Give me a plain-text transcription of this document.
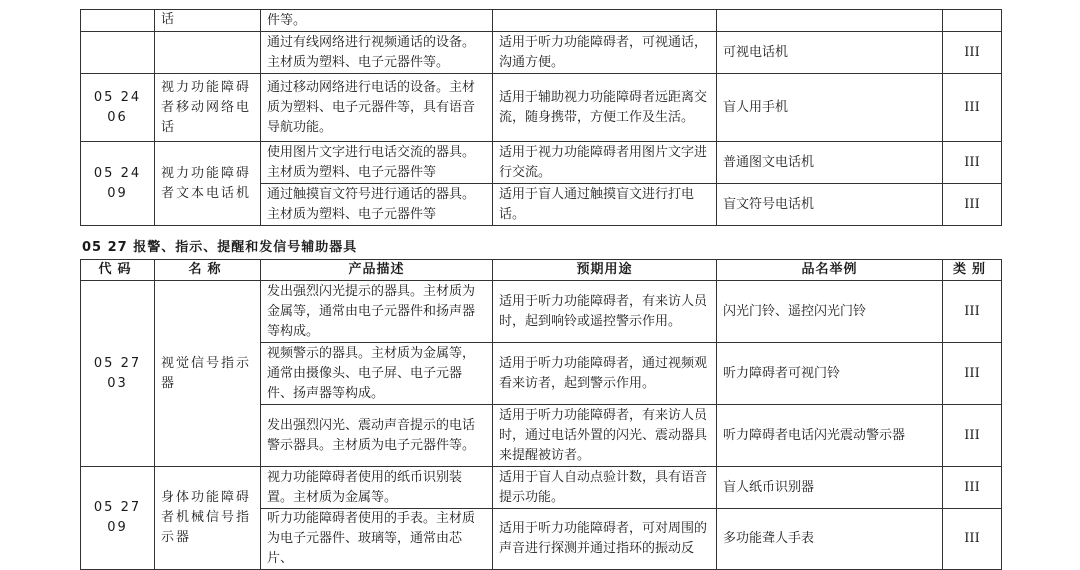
	话	件等。			
		通过有线网络进行视频通话的设备。主材质为塑料、电子元器件等。	适用于听力功能障碍者，可视通话，沟通方便。	可视电话机	III
05 24 06	视力功能障碍者移动网络电话	通过移动网络进行电话的设备。主材质为塑料、电子元器件等，具有语音导航功能。	适用于辅助视力功能障碍者远距离交流，随身携带，方便工作及生活。	盲人用手机	III
05 24 09	视力功能障碍者文本电话机	使用图片文字进行电话交流的器具。主材质为塑料、电子元器件等	适用于视力功能障碍者用图片文字进行交流。	普通图文电话机	III
		通过触摸盲文符号进行通话的器具。主材质为塑料、电子元器件等	适用于盲人通过触摸盲文进行打电话。	盲文符号电话机	III
05 27 报警、指示、提醒和发信号辅助器具
代码	名称	产品描述	预期用途	品名举例	类别
05 27 03	视觉信号指示器	发出强烈闪光提示的器具。主材质为金属等，通常由电子元器件和扬声器等构成。	适用于听力功能障碍者，有来访人员时，起到响铃或遥控警示作用。	闪光门铃、遥控闪光门铃	III
		视频警示的器具。主材质为金属等，通常由摄像头、电子屏、电子元器件、扬声器等构成。	适用于听力功能障碍者，通过视频观看来访者，起到警示作用。	听力障碍者可视门铃	III
		发出强烈闪光、震动声音提示的电话警示器具。主材质为电子元器件等。	适用于听力功能障碍者，有来访人员时，通过电话外置的闪光、震动器具来提醒被访者。	听力障碍者电话闪光震动警示器	III
05 27 09	身体功能障碍者机械信号指示器	视力功能障碍者使用的纸币识别装置。主材质为金属等。	适用于盲人自动点验计数，具有语音提示功能。	盲人纸币识别器	III
		听力功能障碍者使用的手表。主材质为电子元器件、玻璃等，通常由芯片、	适用于听力功能障碍者，可对周围的声音进行探测并通过指环的振动反	多功能聋人手表	III
